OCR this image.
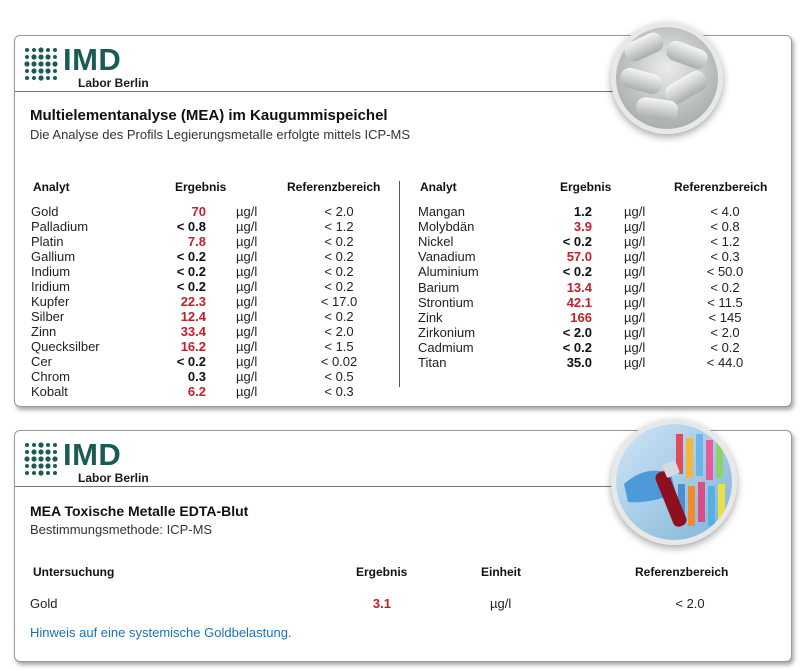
IMD
Labor Berlin
Multielementanalyse (MEA) im Kaugummispeichel
Die Analyse des Profils Legierungsmetalle erfolgte mittels ICP-MS
Analyt	Ergebnis	Referenzbereich
Gold	70 µg/l	< 2.0
Palladium	< 0.8 µg/l	< 1.2
Platin	7.8 µg/l	< 0.2
Gallium	< 0.2 µg/l	< 0.2
Indium	< 0.2 µg/l	< 0.2
Iridium	< 0.2 µg/l	< 0.2
Kupfer	22.3 µg/l	< 17.0
Silber	12.4 µg/l	< 0.2
Zinn	33.4 µg/l	< 2.0
Quecksilber	16.2 µg/l	< 1.5
Cer	< 0.2 µg/l	< 0.02
Chrom	0.3 µg/l	< 0.5
Kobalt	6.2 µg/l	< 0.3
Analyt	Ergebnis	Referenzbereich
Mangan	1.2 µg/l	< 4.0
Molybdän	3.9 µg/l	< 0.8
Nickel	< 0.2 µg/l	< 1.2
Vanadium	57.0 µg/l	< 0.3
Aluminium	< 0.2 µg/l	< 50.0
Barium	13.4 µg/l	< 0.2
Strontium	42.1 µg/l	< 11.5
Zink	166 µg/l	< 145
Zirkonium	< 2.0 µg/l	< 2.0
Cadmium	< 0.2 µg/l	< 0.2
Titan	35.0 µg/l	< 44.0
IMD
Labor Berlin
MEA Toxische Metalle EDTA-Blut
Bestimmungsmethode: ICP-MS
Untersuchung	Ergebnis	Einheit	Referenzbereich
Gold	3.1	µg/l	< 2.0
Hinweis auf eine systemische Goldbelastung.
